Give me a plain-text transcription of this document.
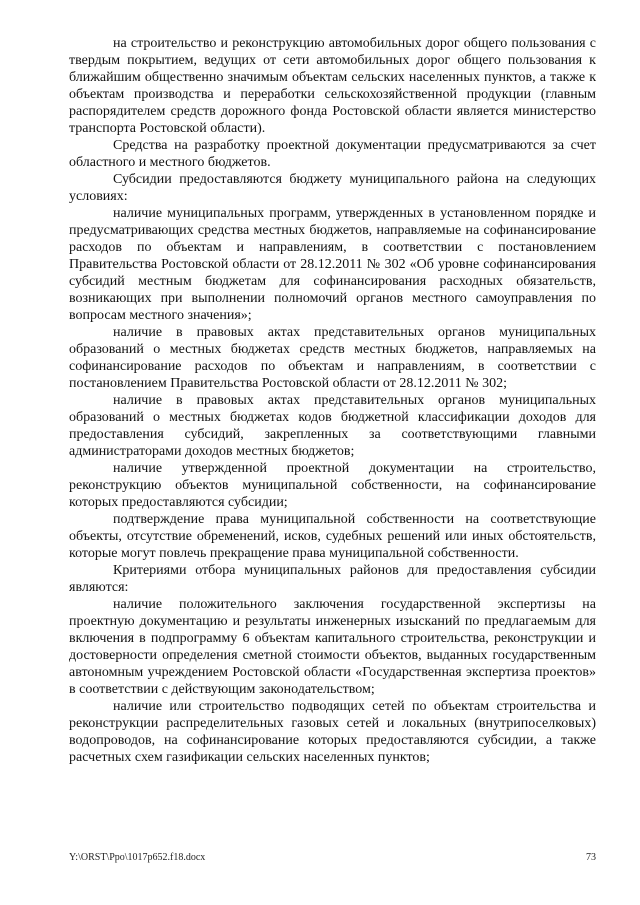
на строительство и реконструкцию автомобильных дорог общего пользования с твердым покрытием, ведущих от сети автомобильных дорог общего пользования к ближайшим общественно значимым объектам сельских населенных пунктов, а также к объектам производства и переработки сельскохозяйственной продукции (главным распорядителем средств дорожного фонда Ростовской области является министерство транспорта Ростовской области).

Средства на разработку проектной документации предусматриваются за счет областного и местного бюджетов.

Субсидии предоставляются бюджету муниципального района на следующих условиях:

наличие муниципальных программ, утвержденных в установленном порядке и предусматривающих средства местных бюджетов, направляемые на софинансирование расходов по объектам и направлениям, в соответствии с постановлением Правительства Ростовской области от 28.12.2011 № 302 «Об уровне софинансирования субсидий местным бюджетам для софинансирования расходных обязательств, возникающих при выполнении полномочий органов местного самоуправления по вопросам местного значения»;

наличие в правовых актах представительных органов муниципальных образований о местных бюджетах средств местных бюджетов, направляемых на софинансирование расходов по объектам и направлениям, в соответствии с постановлением Правительства Ростовской области от 28.12.2011 № 302;

наличие в правовых актах представительных органов муниципальных образований о местных бюджетах кодов бюджетной классификации доходов для предоставления субсидий, закрепленных за соответствующими главными администраторами доходов местных бюджетов;

наличие утвержденной проектной документации на строительство, реконструкцию объектов муниципальной собственности, на софинансирование которых предоставляются субсидии;

подтверждение права муниципальной собственности на соответствующие объекты, отсутствие обременений, исков, судебных решений или иных обстоятельств, которые могут повлечь прекращение права муниципальной собственности.

Критериями отбора муниципальных районов для предоставления субсидии являются:

наличие положительного заключения государственной экспертизы на проектную документацию и результаты инженерных изысканий по предлагаемым для включения в подпрограмму 6 объектам капитального строительства, реконструкции и достоверности определения сметной стоимости объектов, выданных государственным автономным учреждением Ростовской области «Государственная экспертиза проектов» в соответствии с действующим законодательством;

наличие или строительство подводящих сетей по объектам строительства и реконструкции распределительных газовых сетей и локальных (внутрипоселковых) водопроводов, на софинансирование которых предоставляются субсидии, а также расчетных схем газификации сельских населенных пунктов;

Y:\ORST\Ppo\1017p652.f18.docx	73
